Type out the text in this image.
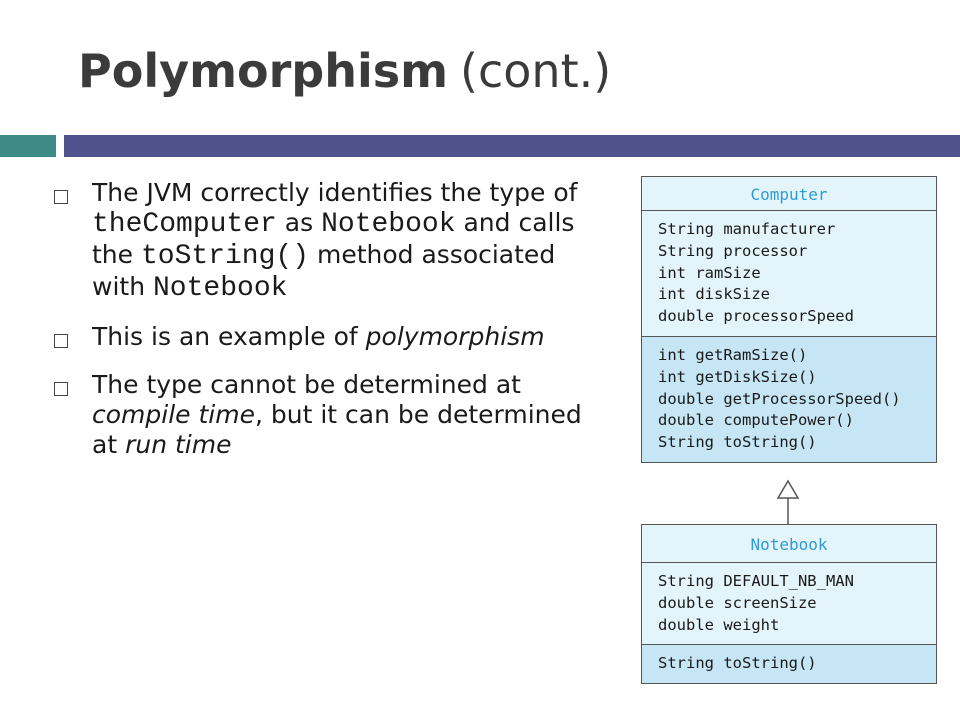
Polymorphism (cont.)
The JVM correctly identifies the type of theComputer as Notebook and calls the toString() method associated with Notebook
This is an example of polymorphism
The type cannot be determined at compile time, but it can be determined at run time
Computer
String manufacturer
String processor
int ramSize
int diskSize
double processorSpeed
int getRamSize()
int getDiskSize()
double getProcessorSpeed()
double computePower()
String toString()
Notebook
String DEFAULT_NB_MAN
double screenSize
double weight
String toString()
